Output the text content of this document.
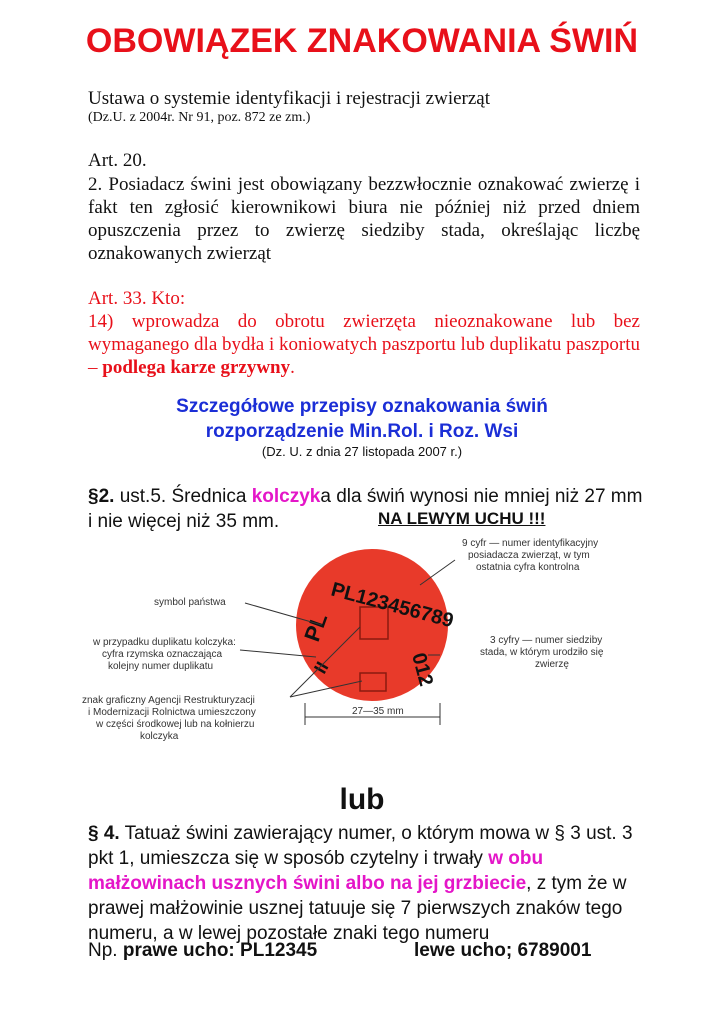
OBOWIĄZEK ZNAKOWANIA ŚWIŃ
Ustawa o systemie identyfikacji i rejestracji zwierząt
(Dz.U. z 2004r. Nr 91, poz. 872 ze zm.)
Art. 20.
2. Posiadacz świni jest obowiązany bezzwłocznie oznakować zwierzę i fakt ten zgłosić kierownikowi biura nie później niż przed dniem opuszczenia przez to zwierzę siedziby stada, określając liczbę oznakowanych zwierząt
Art. 33. Kto:
14) wprowadza do obrotu zwierzęta nieoznakowane lub bez wymaganego dla bydła i koniowatych paszportu lub duplikatu paszportu – podlega karze grzywny.
Szczegółowe przepisy oznakowania świń
rozporządzenie Min.Rol. i Roz. Wsi
(Dz. U. z dnia 27 listopada 2007 r.)
§2. ust.5. Średnica kolczyka dla świń wynosi nie mniej niż 27 mm i nie więcej niż 35 mm.	NA LEWYM UCHU !!!
PL
PL123456789
012
II
27—35 mm
symbol państwa
w przypadku duplikatu kolczyka:
cyfra rzymska oznaczająca
kolejny numer duplikatu
znak graficzny Agencji Restrukturyzacji
i Modernizacji Rolnictwa umieszczony
w części środkowej lub na kołnierzu
kolczyka
9 cyfr — numer identyfikacyjny
posiadacza zwierząt, w tym
ostatnia cyfra kontrolna
3 cyfry — numer siedziby
stada, w którym urodziło się
zwierzę
lub
§ 4. Tatuaż świni zawierający numer, o którym mowa w § 3 ust. 3 pkt 1, umieszcza się w sposób czytelny i trwały w obu małżowinach usznych świni albo na jej grzbiecie, z tym że w prawej małżowinie usznej tatuuje się 7 pierwszych znaków tego numeru, a w lewej pozostałe znaki tego numeru
Np. prawe ucho: PL12345	lewe ucho; 6789001
